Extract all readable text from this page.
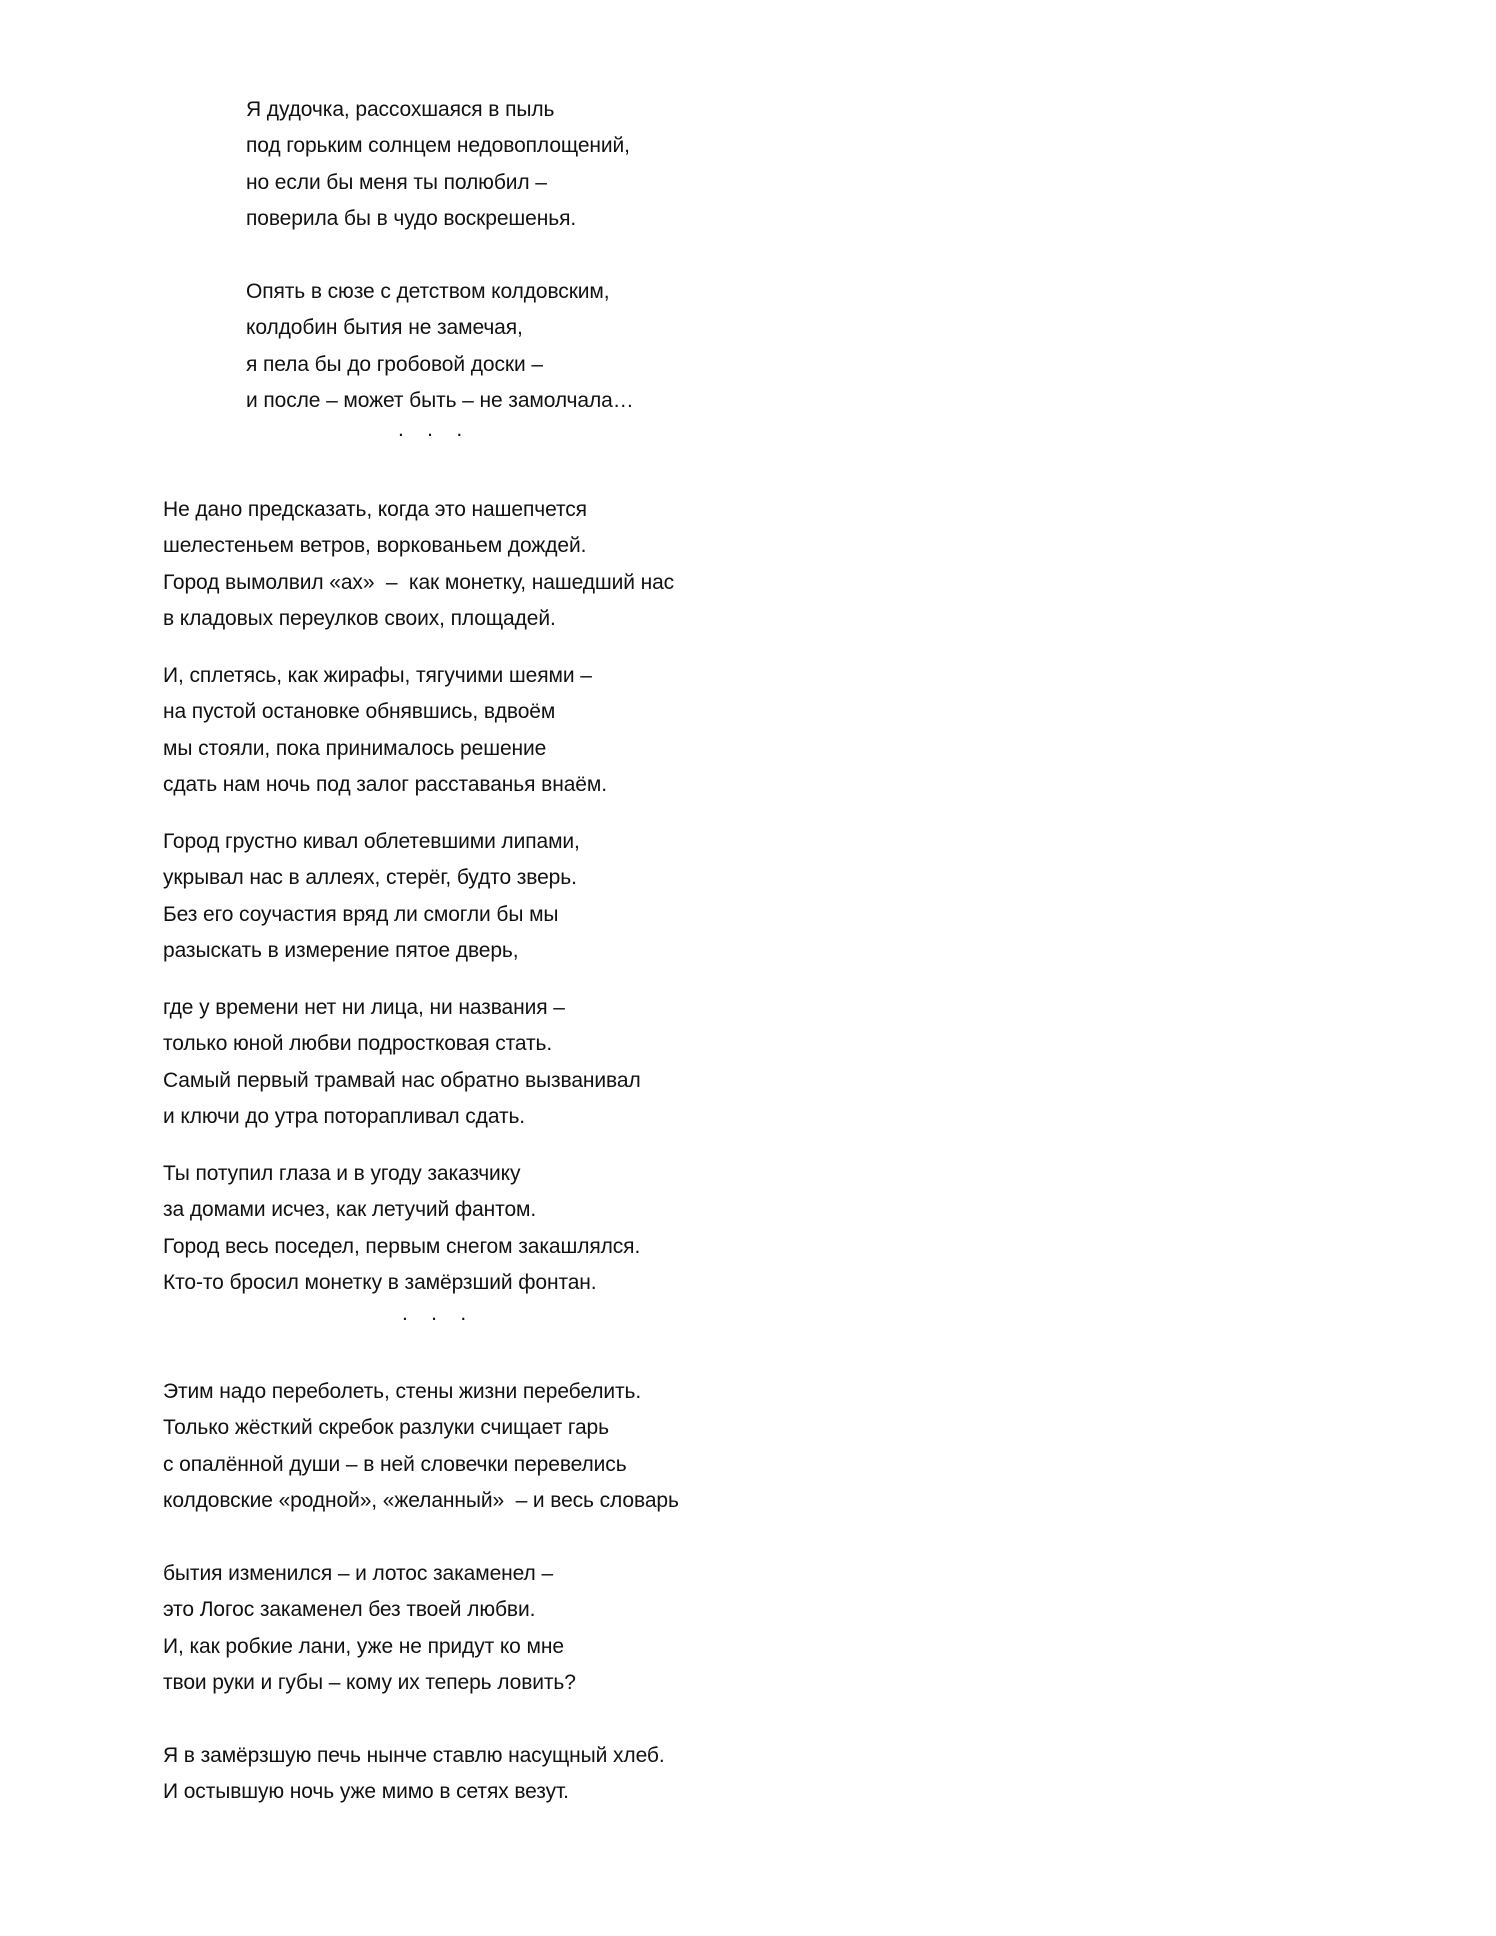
Я дудочка, рассохшаяся в пыль
под горьким солнцем недовоплощений,
но если бы меня ты полюбил –
поверила бы в чудо воскрешенья.
Опять в сюзе с детством колдовским,
колдобин бытия не замечая,
я пела бы до гробовой доски –
и после – может быть – не замолчала…
.    .    .
Не дано предсказать, когда это нашепчется
шелестеньем ветров, воркованьем дождей.
Город вымолвил «ах»  –  как монетку, нашедший нас
в кладовых переулков своих, площадей.
И, сплетясь, как жирафы, тягучими шеями –
на пустой остановке обнявшись, вдвоём
мы стояли, пока принималось решение
сдать нам ночь под залог расставанья внаём.
Город грустно кивал облетевшими липами,
укрывал нас в аллеях, стерёг, будто зверь.
Без его соучастия вряд ли смогли бы мы
разыскать в измерение пятое дверь,
где у времени нет ни лица, ни названия –
только юной любви подростковая стать.
Самый первый трамвай нас обратно вызванивал
и ключи до утра поторапливал сдать.
Ты потупил глаза и в угоду заказчику
за домами исчез, как летучий фантом.
Город весь поседел, первым снегом закашлялся.
Кто-то бросил монетку в замёрзший фонтан.
.    .    .
Этим надо переболеть, стены жизни перебелить.
Только жёсткий скребок разлуки счищает гарь
с опалённой души – в ней словечки перевелись
колдовские «родной», «желанный»  – и весь словарь
бытия изменился – и лотос закаменел –
это Логос закаменел без твоей любви.
И, как робкие лани, уже не придут ко мне
твои руки и губы – кому их теперь ловить?
Я в замёрзшую печь нынче ставлю насущный хлеб.
И остывшую ночь уже мимо в сетях везут.
